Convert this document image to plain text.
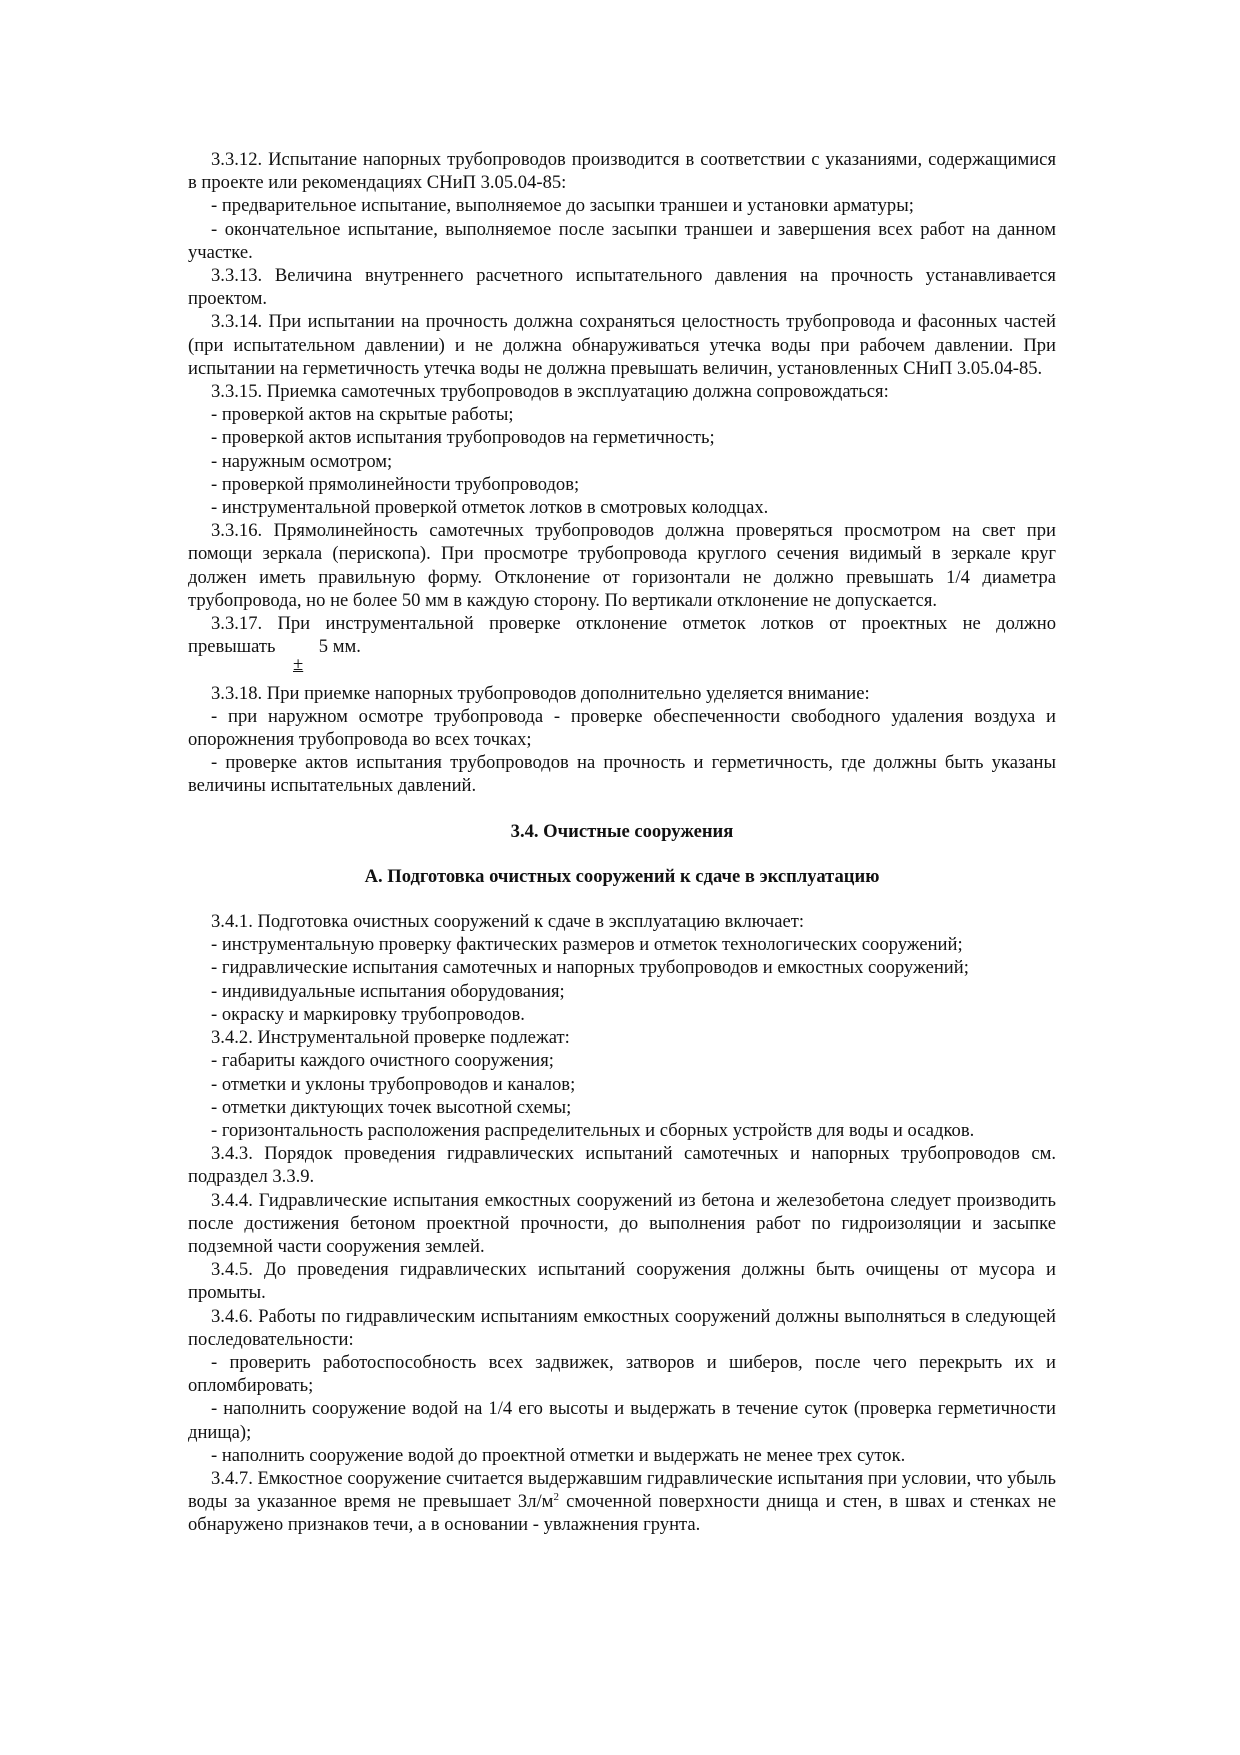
3.3.12. Испытание напорных трубопроводов производится в соответствии с указаниями, содержащимися в проекте или рекомендациях СНиП 3.05.04-85:

- предварительное испытание, выполняемое до засыпки траншеи и установки арматуры;

- окончательное испытание, выполняемое после засыпки траншеи и завершения всех работ на данном участке.

3.3.13. Величина внутреннего расчетного испытательного давления на прочность устанавливается проектом.

3.3.14. При испытании на прочность должна сохраняться целостность трубопровода и фасонных частей (при испытательном давлении) и не должна обнаруживаться утечка воды при рабочем давлении. При испытании на герметичность утечка воды не должна превышать величин, установленных СНиП 3.05.04-85.

3.3.15. Приемка самотечных трубопроводов в эксплуатацию должна сопровождаться:

- проверкой актов на скрытые работы;

- проверкой актов испытания трубопроводов на герметичность;

- наружным осмотром;

- проверкой прямолинейности трубопроводов;

- инструментальной проверкой отметок лотков в смотровых колодцах.

3.3.16. Прямолинейность самотечных трубопроводов должна проверяться просмотром на свет при помощи зеркала (перископа). При просмотре трубопровода круглого сечения видимый в зеркале круг должен иметь правильную форму. Отклонение от горизонтали не должно превышать 1/4 диаметра трубопровода, но не более 50 мм в каждую сторону. По вертикали отклонение не допускается.

3.3.17. При инструментальной проверке отклонение отметок лотков от проектных не должно

превышать 5 мм.
±

3.3.18. При приемке напорных трубопроводов дополнительно уделяется внимание:

- при наружном осмотре трубопровода - проверке обеспеченности свободного удаления воздуха и опорожнения трубопровода во всех точках;

- проверке актов испытания трубопроводов на прочность и герметичность, где должны быть указаны величины испытательных давлений.

3.4. Очистные сооружения

А. Подготовка очистных сооружений к сдаче в эксплуатацию

3.4.1. Подготовка очистных сооружений к сдаче в эксплуатацию включает:

- инструментальную проверку фактических размеров и отметок технологических сооружений;

- гидравлические испытания самотечных и напорных трубопроводов и емкостных сооружений;

- индивидуальные испытания оборудования;

- окраску и маркировку трубопроводов.

3.4.2. Инструментальной проверке подлежат:

- габариты каждого очистного сооружения;

- отметки и уклоны трубопроводов и каналов;

- отметки диктующих точек высотной схемы;

- горизонтальность расположения распределительных и сборных устройств для воды и осадков.

3.4.3. Порядок проведения гидравлических испытаний самотечных и напорных трубопроводов см. подраздел 3.3.9.

3.4.4. Гидравлические испытания емкостных сооружений из бетона и железобетона следует производить после достижения бетоном проектной прочности, до выполнения работ по гидроизоляции и засыпке подземной части сооружения землей.

3.4.5. До проведения гидравлических испытаний сооружения должны быть очищены от мусора и промыты.

3.4.6. Работы по гидравлическим испытаниям емкостных сооружений должны выполняться в следующей последовательности:

- проверить работоспособность всех задвижек, затворов и шиберов, после чего перекрыть их и опломбировать;

- наполнить сооружение водой на 1/4 его высоты и выдержать в течение суток (проверка герметичности днища);

- наполнить сооружение водой до проектной отметки и выдержать не менее трех суток.

3.4.7. Емкостное сооружение считается выдержавшим гидравлические испытания при условии, что убыль воды за указанное время не превышает $3л/м^2$ смоченной поверхности днища и стен, в швах и стенках не обнаружено признаков течи, а в основании - увлажнения грунта.
